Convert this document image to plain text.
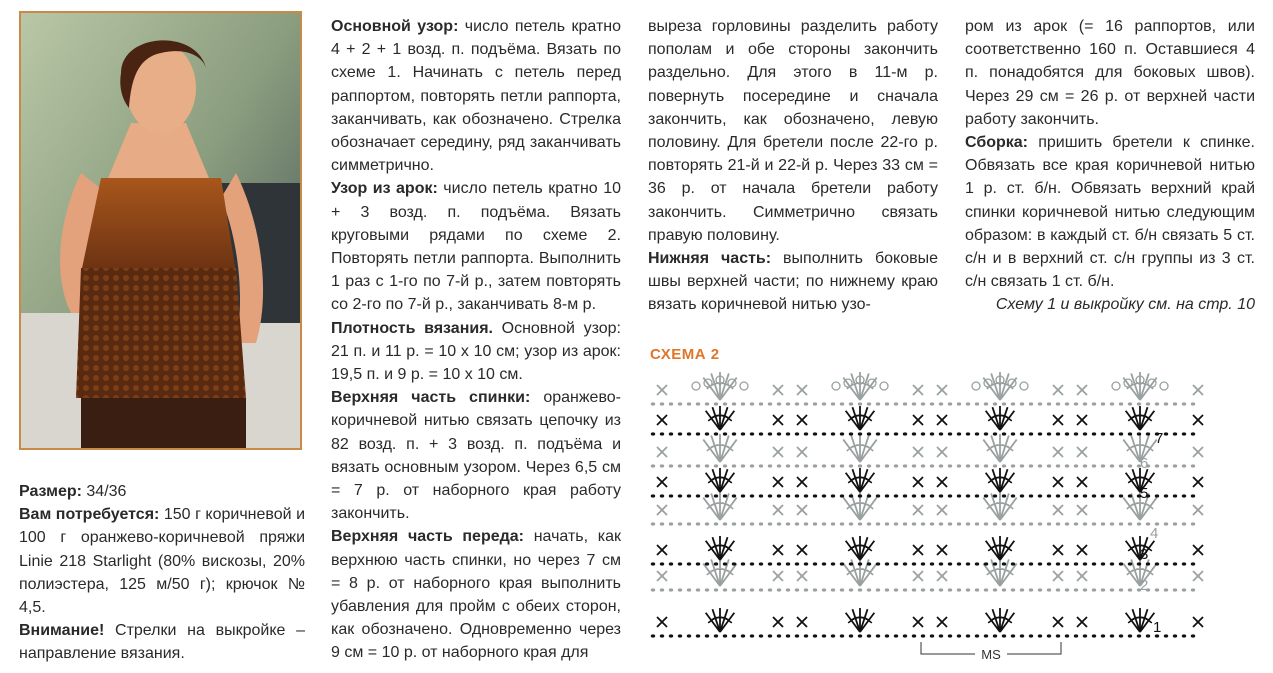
Размер: 34/36

Вам потребуется: 150 г коричневой и 100 г оранжево-коричневой пряжи Linie 218 Starlight (80% вискозы, 20% полиэстера, 125 м/50 г); крючок № 4,5.

Внимание! Стрелки на выкройке – направление вязания.

Основной узор: число петель кратно 4 + 2 + 1 возд. п. подъёма. Вязать по схеме 1. Начинать с петель перед раппортом, повторять петли раппорта, заканчивать, как обозначено. Стрелка обозначает середину, ряд заканчивать симметрично.

Узор из арок: число петель кратно 10 + 3 возд. п. подъёма. Вязать круговыми рядами по схеме 2. Повторять петли раппорта. Выполнить 1 раз с 1-го по 7-й р., затем повторять со 2-го по 7-й р., заканчивать 8-м р.

Плотность вязания. Основной узор: 21 п. и 11 р. = 10 х 10 см; узор из арок: 19,5 п. и 9 р. = 10 х 10 см.

Верхняя часть спинки: оранжево-коричневой нитью связать цепочку из 82 возд. п. + 3 возд. п. подъёма и вязать основным узором. Через 6,5 см = 7 р. от наборного края работу закончить.

Верхняя часть переда: начать, как верхнюю часть спинки, но через 7 см = 8 р. от наборного края выполнить убавления для пройм с обеих сторон, как обозначено. Одновременно через 9 см = 10 р. от наборного края для

выреза горловины разделить работу пополам и обе стороны закончить раздельно. Для этого в 11-м р. повернуть посередине и сначала закончить, как обозначено, левую половину. Для бретели после 22-го р. повторять 21-й и 22-й р. Через 33 см = 36 р. от начала бретели работу закончить. Симметрично связать правую половину.

Нижняя часть: выполнить боковые швы верхней части; по нижнему краю вязать коричневой нитью узо-

ром из арок (= 16 раппортов, или соответственно 160 п. Оставшиеся 4 п. понадобятся для боковых швов). Через 29 см = 26 р. от верхней части работу закончить.

Сборка: пришить бретели к спинке. Обвязать все края коричневой нитью 1 р. ст. б/н. Обвязать верхний край спинки коричневой нитью следующим образом: в каждый ст. б/н связать 5 ст. с/н и в верхний ст. с/н группы из 3 ст. с/н связать 1 ст. б/н.

Схему 1 и выкройку см. на стр. 10

СХЕМА 2
7
6
5
4
3
2
1
MS
